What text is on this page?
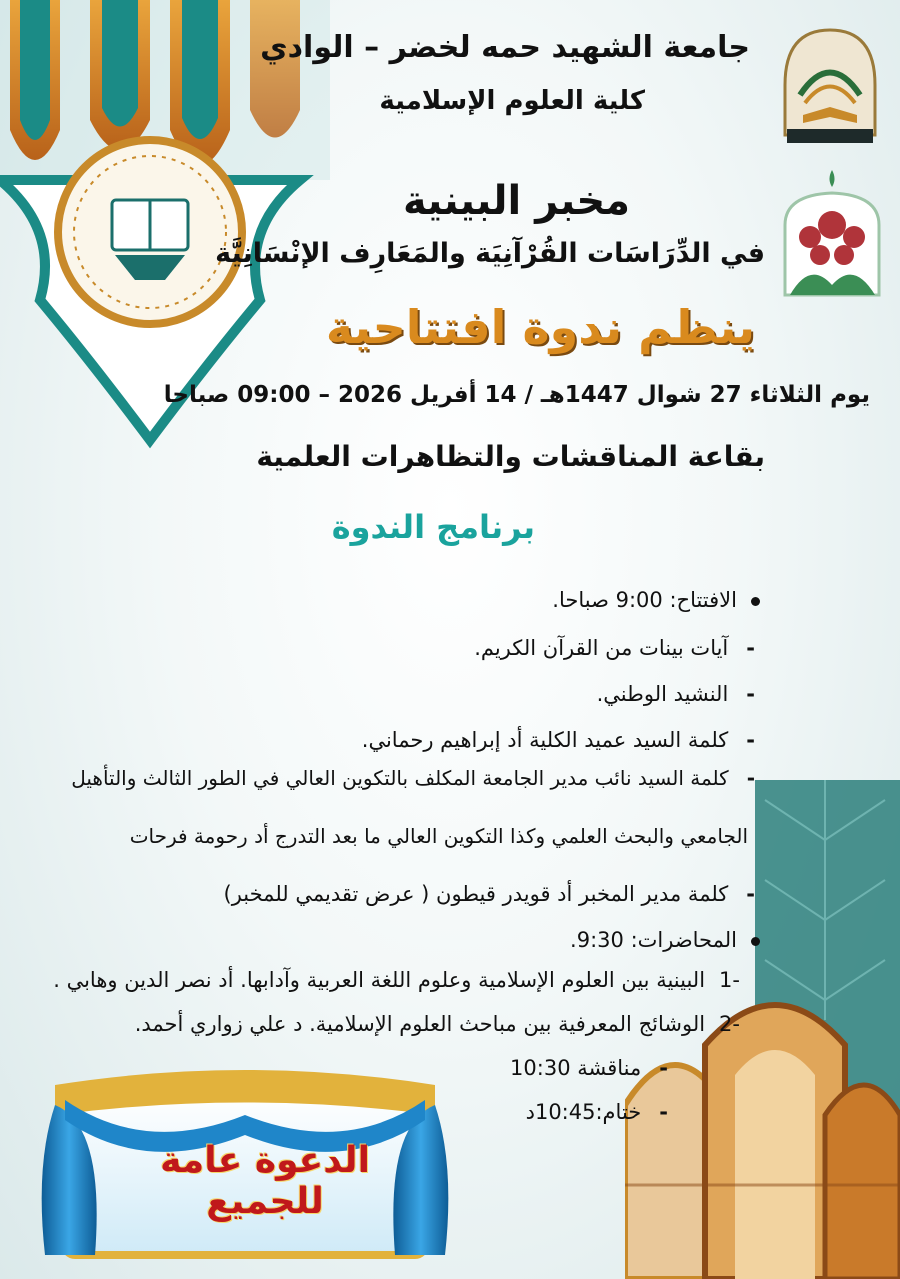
جامعة الشهيد حمه لخضر – الوادي
كلية العلوم الإسلامية
مخبر البينية
في الدِّرَاسَات القُرْآنِيَة والمَعَارِف الإنْسَانِيَّة
ينظم ندوة افتتاحية
يوم الثلاثاء 27 شوال 1447هـ / 14 أفريل 2026 – 09:00 صباحا
بقاعة المناقشات والتظاهرات العلمية
برنامج الندوة
الافتتاح: 9:00 صباحا.
-آيات بينات من القرآن الكريم.
-النشيد الوطني.
-كلمة السيد عميد الكلية أد إبراهيم رحماني.
-كلمة السيد نائب مدير الجامعة المكلف بالتكوين العالي في الطور الثالث والتأهيل
الجامعي والبحث العلمي وكذا التكوين العالي ما بعد التدرج أد رحومة فرحات
-كلمة مدير المخبر أد قويدر قيطون ( عرض تقديمي للمخبر)
المحاضرات: 9:30.
-1البينية بين العلوم الإسلامية وعلوم اللغة العربية وآدابها. أد نصر الدين وهابي .
-2الوشائج المعرفية بين مباحث العلوم الإسلامية. د علي زواري أحمد.
-مناقشة 10:30
-ختام:10:45د
الدعوة عامة للجميع
